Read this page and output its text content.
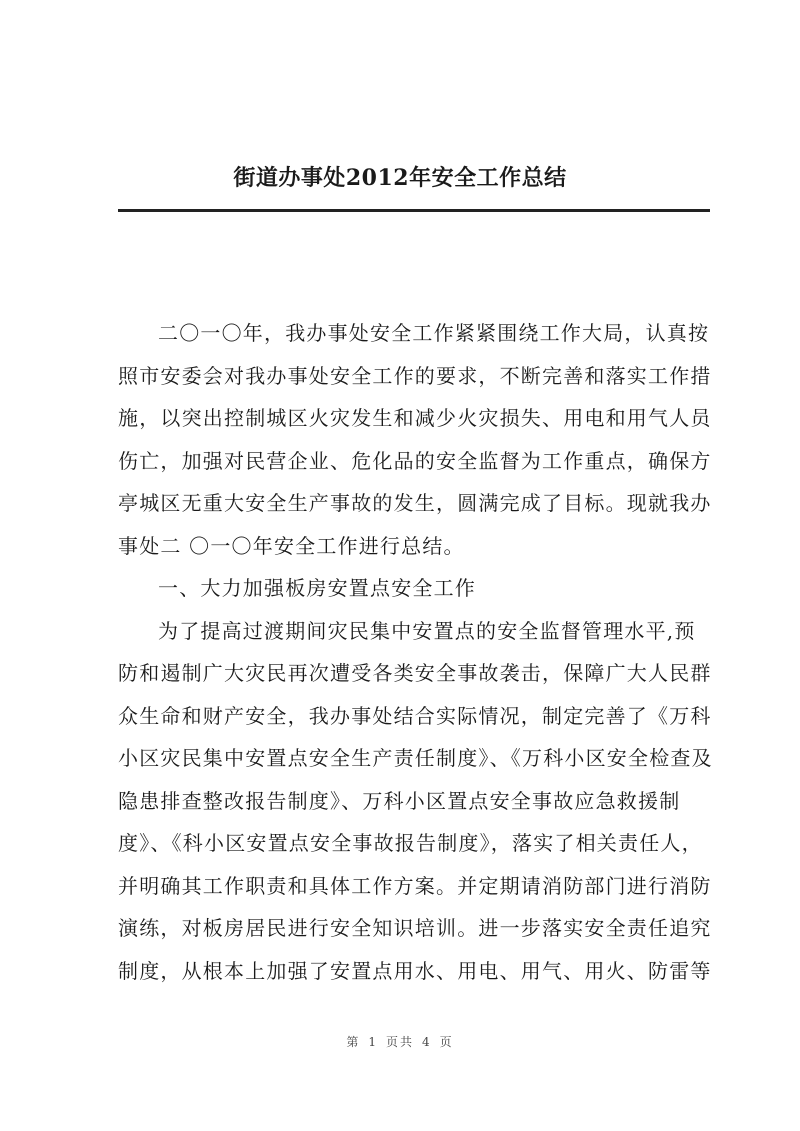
街道办事处2012年安全工作总结
二〇一〇年，我办事处安全工作紧紧围绕工作大局，认真按
照市安委会对我办事处安全工作的要求，不断完善和落实工作措
施，以突出控制城区火灾发生和减少火灾损失、用电和用气人员
伤亡，加强对民营企业、危化品的安全监督为工作重点，确保方
亭城区无重大安全生产事故的发生，圆满完成了目标。现就我办
事处二 〇一〇年安全工作进行总结。
一、大力加强板房安置点安全工作
为了提高过渡期间灾民集中安置点的安全监督管理水平,预
防和遏制广大灾民再次遭受各类安全事故袭击，保障广大人民群
众生命和财产安全，我办事处结合实际情况，制定完善了《万科
小区灾民集中安置点安全生产责任制度》、《万科小区安全检查及
隐患排查整改报告制度》、万科小区置点安全事故应急救援制
度》、《科小区安置点安全事故报告制度》，落实了相关责任人，
并明确其工作职责和具体工作方案。并定期请消防部门进行消防
演练，对板房居民进行安全知识培训。进一步落实安全责任追究
制度，从根本上加强了安置点用水、用电、用气、用火、防雷等
第 1 页共 4 页
